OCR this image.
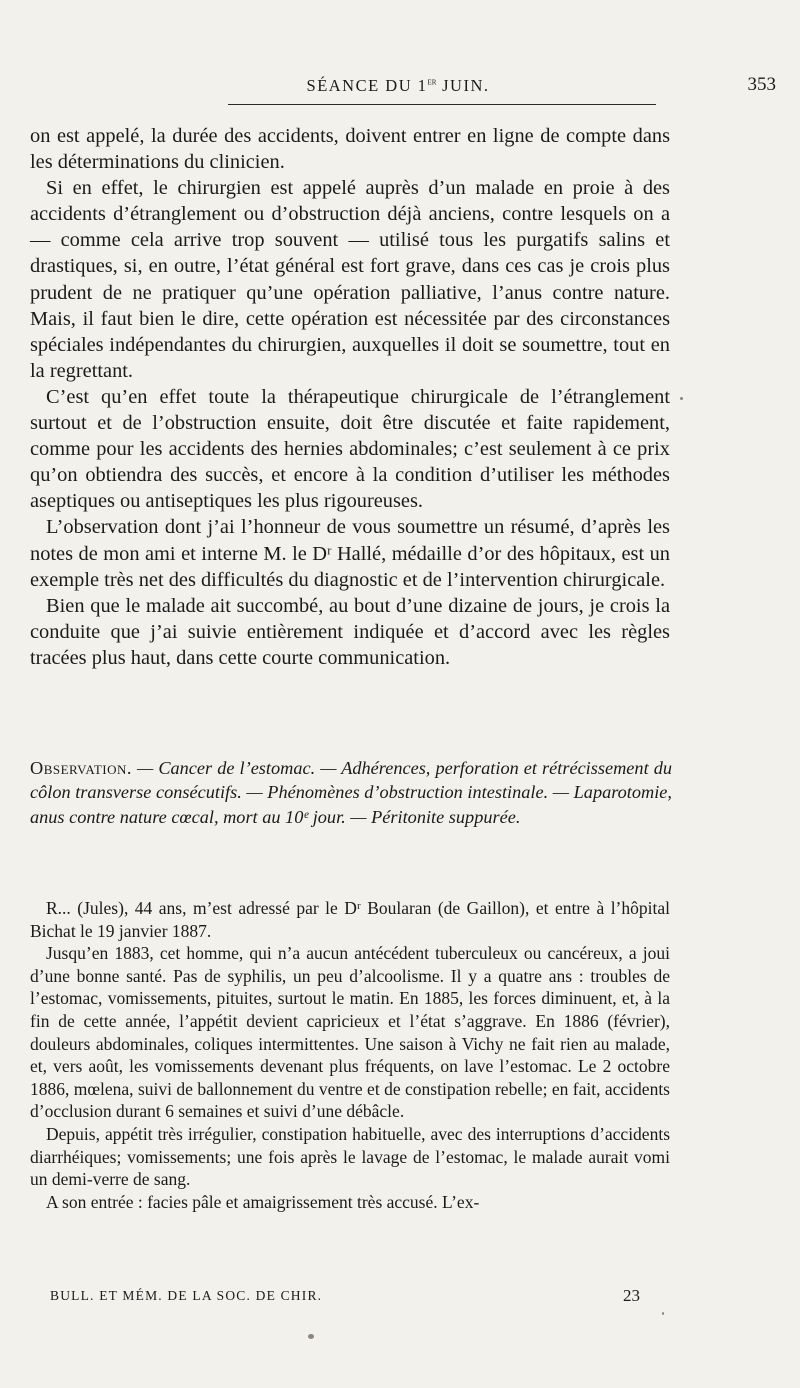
SÉANCE DU 1er JUIN.	353

on est appelé, la durée des accidents, doivent entrer en ligne de compte dans les déterminations du clinicien.

Si en effet, le chirurgien est appelé auprès d’un malade en proie à des accidents d’étranglement ou d’obstruction déjà anciens, contre lesquels on a — comme cela arrive trop souvent — utilisé tous les purgatifs salins et drastiques, si, en outre, l’état général est fort grave, dans ces cas je crois plus prudent de ne pratiquer qu’une opération palliative, l’anus contre nature. Mais, il faut bien le dire, cette opération est nécessitée par des circonstances spéciales indépendantes du chirurgien, auxquelles il doit se soumettre, tout en la regrettant.

C’est qu’en effet toute la thérapeutique chirurgicale de l’étranglement surtout et de l’obstruction ensuite, doit être discutée et faite rapidement, comme pour les accidents des hernies abdominales; c’est seulement à ce prix qu’on obtiendra des succès, et encore à la condition d’utiliser les méthodes aseptiques ou antiseptiques les plus rigoureuses.

L’observation dont j’ai l’honneur de vous soumettre un résumé, d’après les notes de mon ami et interne M. le Dʳ Hallé, médaille d’or des hôpitaux, est un exemple très net des difficultés du diagnostic et de l’intervention chirurgicale.

Bien que le malade ait succombé, au bout d’une dizaine de jours, je crois la conduite que j’ai suivie entièrement indiquée et d’accord avec les règles tracées plus haut, dans cette courte communication.

Observation. — Cancer de l’estomac. — Adhérences, perforation et rétrécissement du côlon transverse consécutifs. — Phénomènes d’obstruction intestinale. — Laparotomie, anus contre nature cœcal, mort au 10ᵉ jour. — Péritonite suppurée.

R... (Jules), 44 ans, m’est adressé par le Dʳ Boularan (de Gaillon), et entre à l’hôpital Bichat le 19 janvier 1887.

Jusqu’en 1883, cet homme, qui n’a aucun antécédent tuberculeux ou cancéreux, a joui d’une bonne santé. Pas de syphilis, un peu d’alcoolisme. Il y a quatre ans : troubles de l’estomac, vomissements, pituites, surtout le matin. En 1885, les forces diminuent, et, à la fin de cette année, l’appétit devient capricieux et l’état s’aggrave. En 1886 (février), douleurs abdominales, coliques intermittentes. Une saison à Vichy ne fait rien au malade, et, vers août, les vomissements devenant plus fréquents, on lave l’estomac. Le 2 octobre 1886, mœlena, suivi de ballonnement du ventre et de constipation rebelle; en fait, accidents d’occlusion durant 6 semaines et suivi d’une débâcle.

Depuis, appétit très irrégulier, constipation habituelle, avec des interruptions d’accidents diarrhéiques; vomissements; une fois après le lavage de l’estomac, le malade aurait vomi un demi-verre de sang.

A son entrée : facies pâle et amaigrissement très accusé. L’ex-

BULL. ET MÉM. DE LA SOC. DE CHIR.	23
